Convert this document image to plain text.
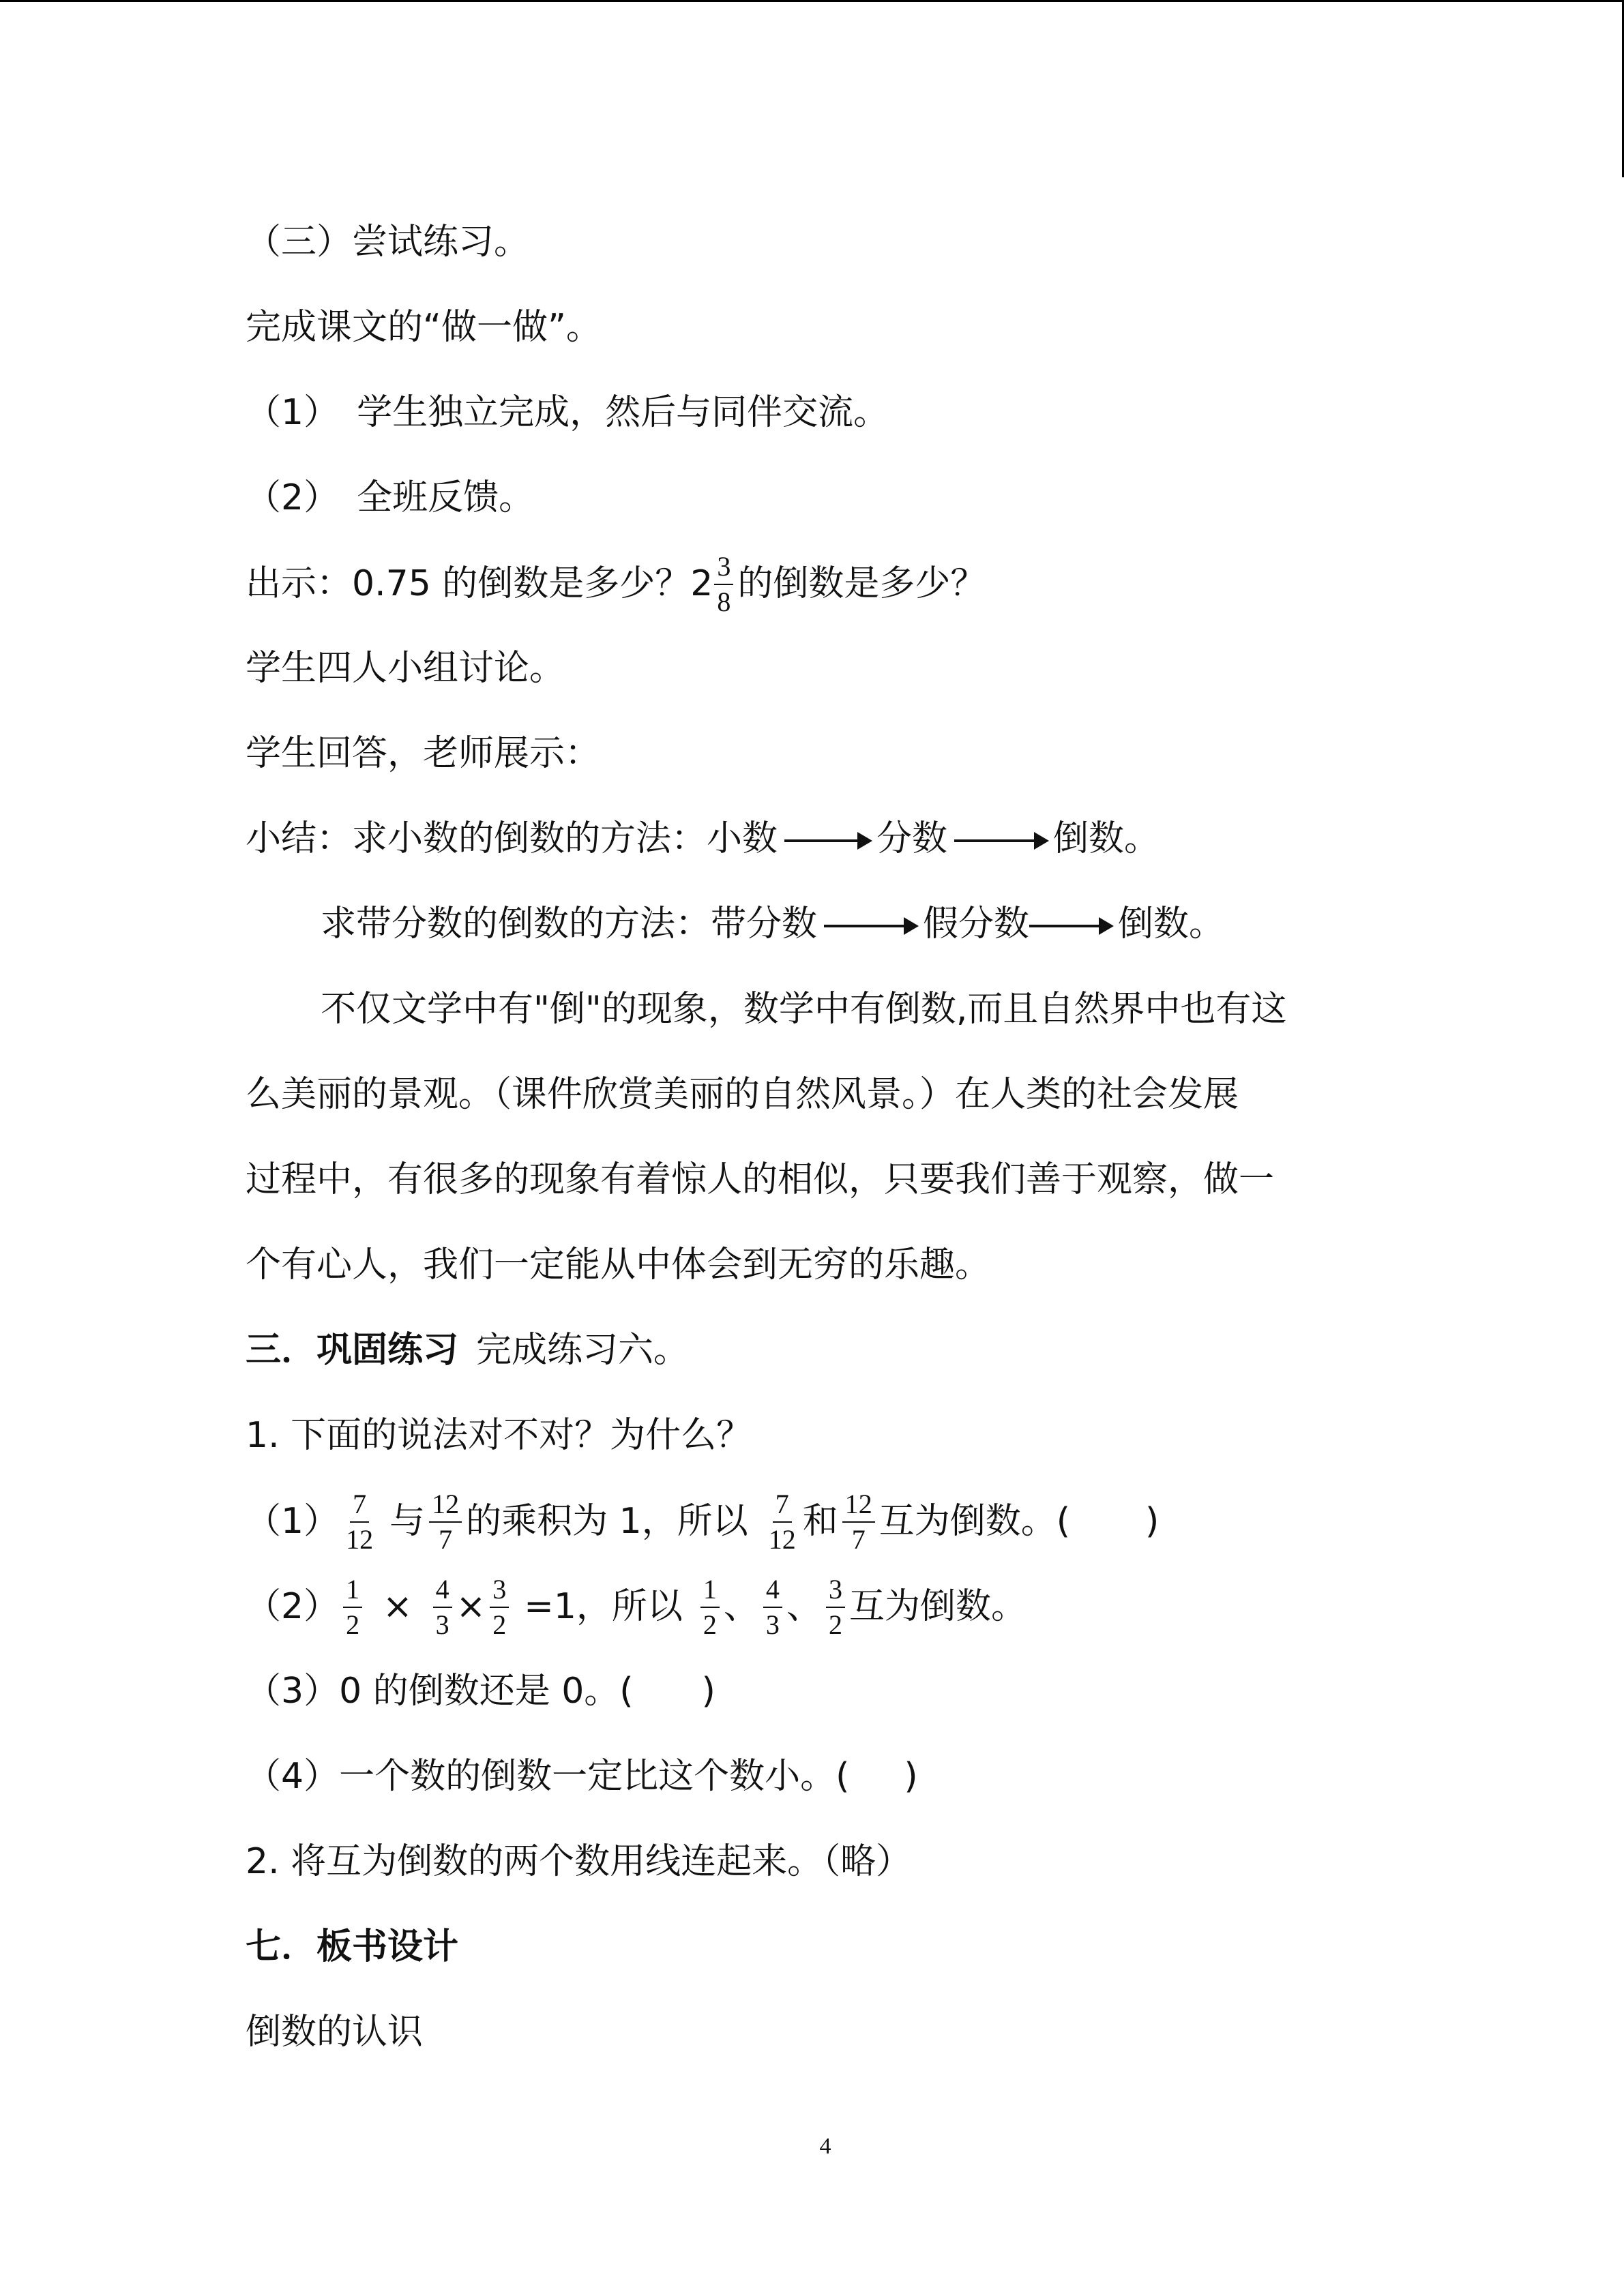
（三）尝试练习。
完成课文的“做一做”。
（1） 学生独立完成，然后与同伴交流。
（2） 全班反馈。
出示：0.75 的倒数是多少？$2 \frac{3}{8}$ 的倒数是多少？
学生四人小组讨论。
学生回答，老师展示：
小结：求小数的倒数的方法：小数	分数	倒数。
求带分数的倒数的方法：带分数	假分数	倒数。
不仅文学中有"倒"的现象，数学中有倒数,而且自然界中也有这
么美丽的景观。（课件欣赏美丽的自然风景。）在人类的社会发展
过程中，有很多的现象有着惊人的相似，只要我们善于观察，做一
个有心人，我们一定能从中体会到无穷的乐趣。
三．巩固练习 完成练习六。
1. 下面的说法对不对？为什么？
$(1) \frac{7}{12}$ 与 $\frac{12}{7}$ 的乘积为 1，所以 $\frac{7}{12}$ 和 $\frac{12}{7}$ 互为倒数。( )
$(2) \frac{1}{2} \times \frac{4}{3} \times \frac{3}{2} =1$，所以 $\frac{1}{2}$ 、 $\frac{4}{3}$ 、 $\frac{3}{2}$ 互为倒数。
（3）0 的倒数还是 0。( )
（4）一个数的倒数一定比这个数小。( )
2. 将互为倒数的两个数用线连起来。（略）
七．板书设计
倒数的认识
4
